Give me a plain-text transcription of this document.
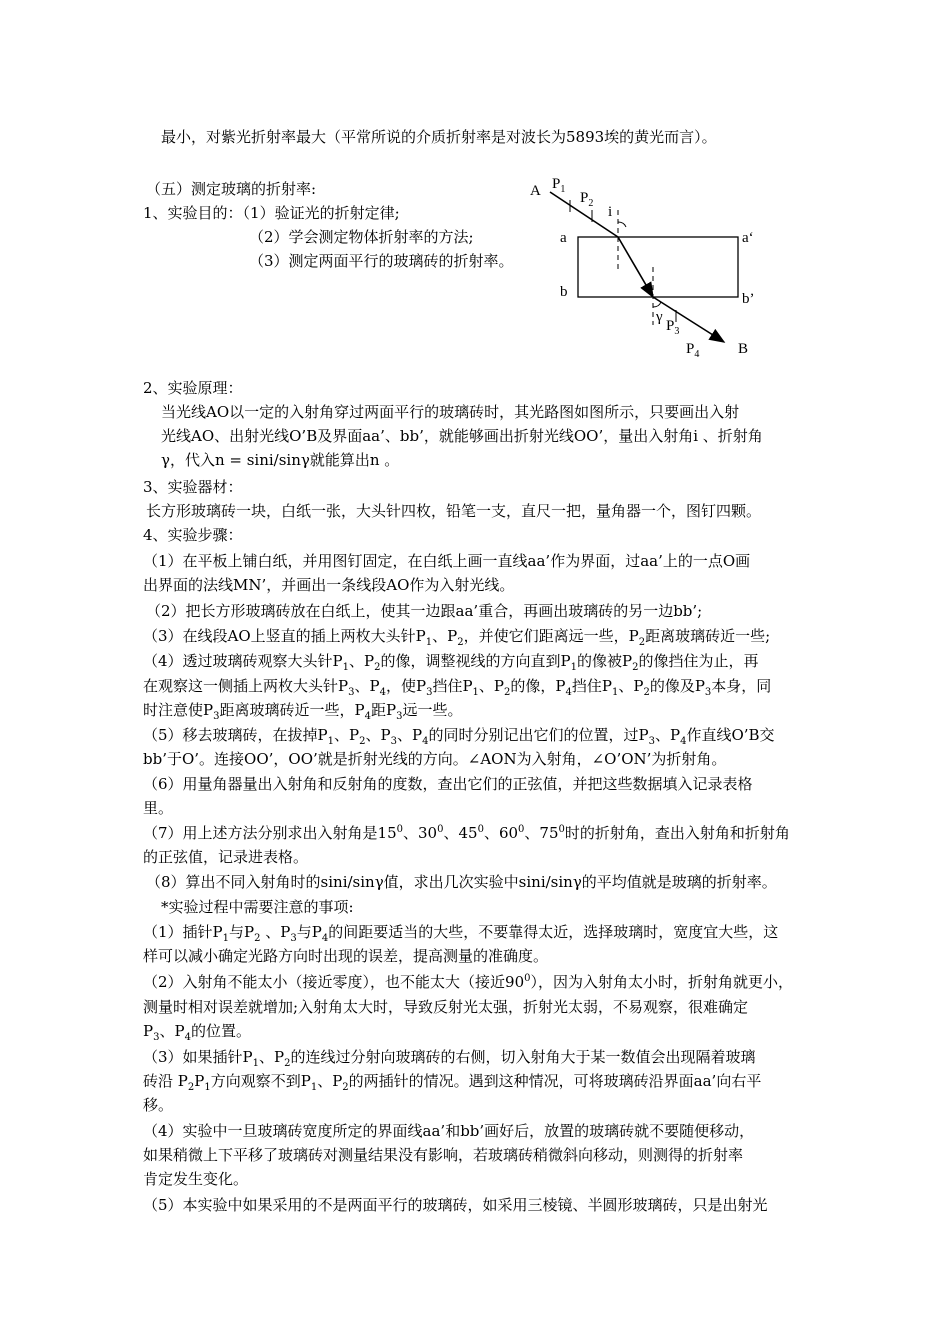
最小，对紫光折射率最大（平常所说的介质折射率是对波长为5893埃的黄光而言）。
（五）测定玻璃的折射率:
1、实验目的：（1）验证光的折射定律;
（2）学会测定物体折射率的方法;
（3）测定两面平行的玻璃砖的折射率。
2、实验原理：
当光线AO以一定的入射角穿过两面平行的玻璃砖时，其光路图如图所示，只要画出入射
光线AO、出射光线O’B及界面aa’、bb’，就能够画出折射光线OO’，量出入射角i 、折射角
γ，代入n = sini/sinγ就能算出n 。
3、实验器材：
长方形玻璃砖一块，白纸一张，大头针四枚，铅笔一支，直尺一把，量角器一个，图钉四颗。
4、实验步骤：
（1）在平板上铺白纸，并用图钉固定，在白纸上画一直线aa’作为界面，过aa’上的一点O画
出界面的法线MN’，并画出一条线段AO作为入射光线。
（2）把长方形玻璃砖放在白纸上，使其一边跟aa’重合，再画出玻璃砖的另一边bb’;
（3）在线段AO上竖直的插上两枚大头针$P_1$、$P_2$，并使它们距离远一些，$P_2$距离玻璃砖近一些;
（4）透过玻璃砖观察大头针$P_1$、$P_2$的像，调整视线的方向直到$P_1$的像被$P_2$的像挡住为止，再
在观察这一侧插上两枚大头针$P_3$、$P_4$，使$P_3$挡住$P_1$、$P_2$的像，$P_4$挡住$P_1$、$P_2$的像及$P_3$本身，同
时注意使$P_3$距离玻璃砖近一些，$P_4$距$P_3$远一些。
（5）移去玻璃砖，在拔掉$P_1$、$P_2$、$P_3$、$P_4$的同时分别记出它们的位置，过$P_3$、$P_4$作直线O’B交
bb’于O’。连接OO’，OO’就是折射光线的方向。∠AON为入射角，∠O’ON’为折射角。
（6）用量角器量出入射角和反射角的度数，查出它们的正弦值，并把这些数据填入记录表格
里。
（7）用上述方法分别求出入射角是$15^0$、$30^0$、$45^0$、$60^0$、$75^0$时的折射角，查出入射角和折射角
的正弦值，记录进表格。
（8）算出不同入射角时的sini/sinγ值，求出几次实验中sini/sinγ的平均值就是玻璃的折射率。
*实验过程中需要注意的事项:
（1）插针$P_1$与$P_2$ 、$P_3$与$P_4$的间距要适当的大些，不要靠得太近，选择玻璃时，宽度宜大些，这
样可以减小确定光路方向时出现的误差，提高测量的准确度。
（2）入射角不能太小（接近零度），也不能太大（接近$90^0$），因为入射角太小时，折射角就更小，
测量时相对误差就增加;入射角太大时，导致反射光太强，折射光太弱，不易观察，很难确定
$P_3$、$P_4$的位置。
（3）如果插针$P_1$、$P_2$的连线过分射向玻璃砖的右侧，切入射角大于某一数值会出现隔着玻璃
砖沿 $P_2P_1$方向观察不到$P_1$、$P_2$的两插针的情况。遇到这种情况，可将玻璃砖沿界面aa’向右平
移。
（4）实验中一旦玻璃砖宽度所定的界面线aa’和bb’画好后，放置的玻璃砖就不要随便移动，
如果稍微上下平移了玻璃砖对测量结果没有影响，若玻璃砖稍微斜向移动，则测得的折射率
肯定发生变化。
（5）本实验中如果采用的不是两面平行的玻璃砖，如采用三棱镜、半圆形玻璃砖，只是出射光
A $P_1$
$P_2$
i
a	a‘
b	b’
γ
$P_3$
$P_4$	B
